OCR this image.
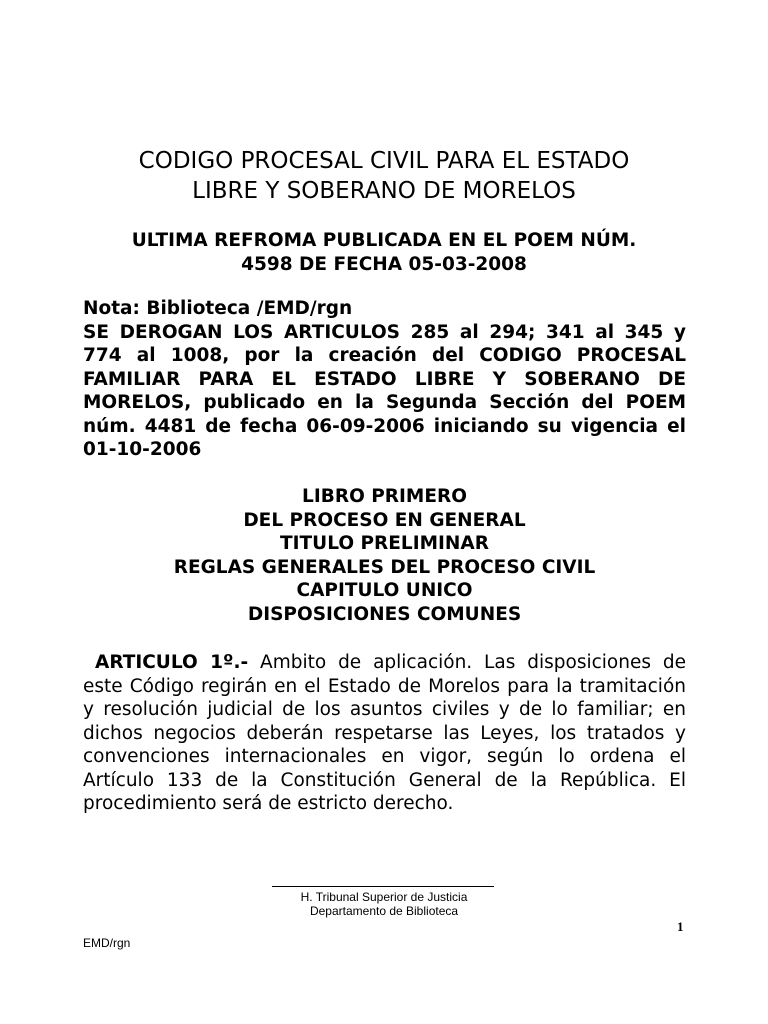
CODIGO PROCESAL CIVIL PARA EL ESTADO
LIBRE Y SOBERANO DE MORELOS
ULTIMA REFROMA PUBLICADA EN EL POEM NÚM.
4598 DE FECHA 05-03-2008
Nota: Biblioteca /EMD/rgn
SE DEROGAN LOS ARTICULOS 285 al 294; 341 al 345 y 774 al 1008, por la creación del CODIGO PROCESAL FAMILIAR PARA EL ESTADO LIBRE Y SOBERANO DE MORELOS, publicado en la Segunda Sección del POEM núm. 4481 de fecha 06-09-2006 iniciando su vigencia el 01-10-2006
LIBRO PRIMERO
DEL PROCESO EN GENERAL
TITULO PRELIMINAR
REGLAS GENERALES DEL PROCESO CIVIL
CAPITULO UNICO
DISPOSICIONES COMUNES

ARTICULO 1º.- Ambito de aplicación. Las disposiciones de este Código regirán en el Estado de Morelos para la tramitación y resolución judicial de los asuntos civiles y de lo familiar; en dichos negocios deberán respetarse las Leyes, los tratados y convenciones internacionales en vigor, según lo ordena el Artículo 133 de la Constitución General de la República. El procedimiento será de estricto derecho.

H. Tribunal Superior de Justicia
Departamento de Biblioteca
1
EMD/rgn
